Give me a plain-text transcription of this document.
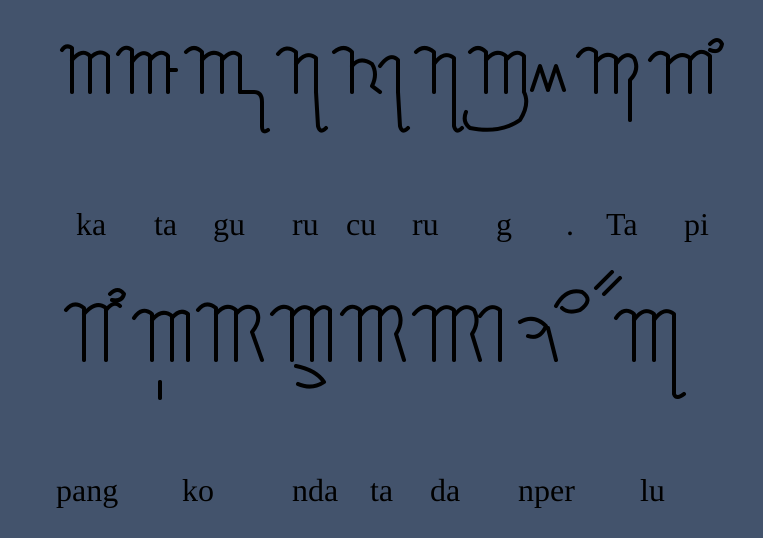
ka ta gu ru cu ru g . Ta pi
pang ko nda ta da nper lu
